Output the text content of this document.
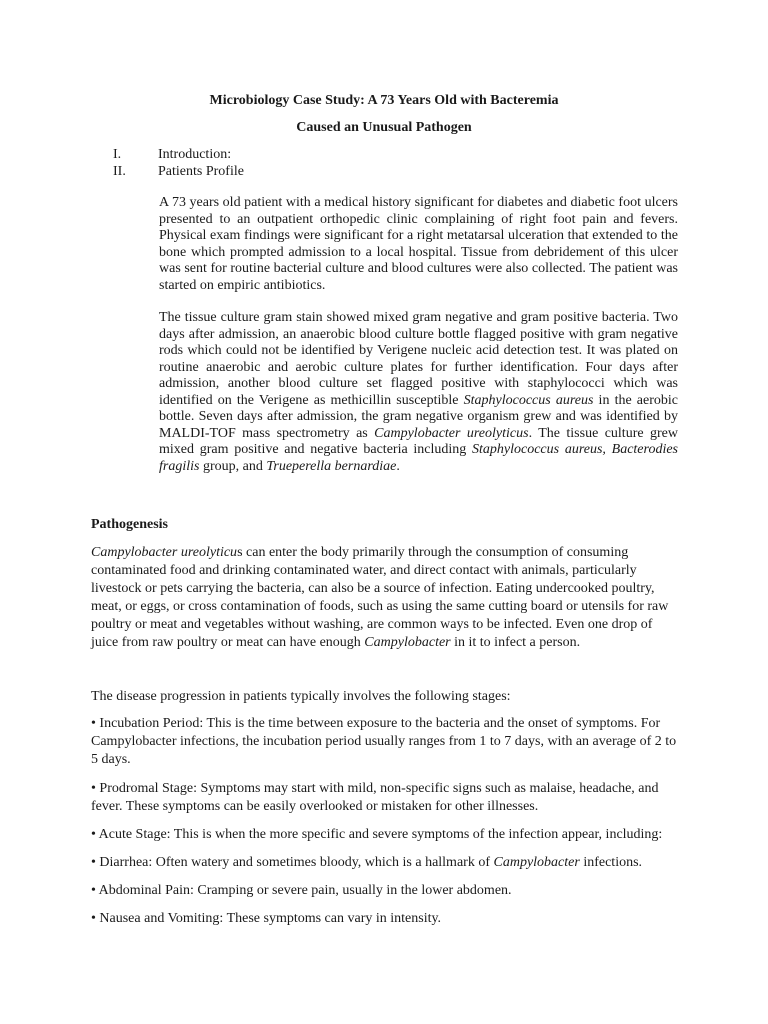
Microbiology Case Study: A 73 Years Old with Bacteremia
Caused an Unusual Pathogen
I.	Introduction:
II.	Patients Profile
A 73 years old patient with a medical history significant for diabetes and diabetic foot ulcers presented to an outpatient orthopedic clinic complaining of right foot pain and fevers. Physical exam findings were significant for a right metatarsal ulceration that extended to the bone which prompted admission to a local hospital. Tissue from debridement of this ulcer was sent for routine bacterial culture and blood cultures were also collected. The patient was started on empiric antibiotics.
The tissue culture gram stain showed mixed gram negative and gram positive bacteria. Two days after admission, an anaerobic blood culture bottle flagged positive with gram negative rods which could not be identified by Verigene nucleic acid detection test. It was plated on routine anaerobic and aerobic culture plates for further identification. Four days after admission, another blood culture set flagged positive with staphylococci which was identified on the Verigene as methicillin susceptible Staphylococcus aureus in the aerobic bottle. Seven days after admission, the gram negative organism grew and was identified by MALDI-TOF mass spectrometry as Campylobacter ureolyticus. The tissue culture grew mixed gram positive and negative bacteria including Staphylococcus aureus, Bacterodies fragilis group, and Trueperella bernardiae.
Pathogenesis
Campylobacter ureolyticus can enter the body primarily through the consumption of consuming contaminated food and drinking contaminated water, and direct contact with animals, particularly livestock or pets carrying the bacteria, can also be a source of infection. Eating undercooked poultry, meat, or eggs, or cross contamination of foods, such as using the same cutting board or utensils for raw poultry or meat and vegetables without washing, are common ways to be infected. Even one drop of juice from raw poultry or meat can have enough Campylobacter in it to infect a person.
The disease progression in patients typically involves the following stages:
• Incubation Period: This is the time between exposure to the bacteria and the onset of symptoms. For Campylobacter infections, the incubation period usually ranges from 1 to 7 days, with an average of 2 to 5 days.
• Prodromal Stage: Symptoms may start with mild, non-specific signs such as malaise, headache, and fever. These symptoms can be easily overlooked or mistaken for other illnesses.
• Acute Stage: This is when the more specific and severe symptoms of the infection appear, including:
• Diarrhea: Often watery and sometimes bloody, which is a hallmark of Campylobacter infections.
• Abdominal Pain: Cramping or severe pain, usually in the lower abdomen.
• Nausea and Vomiting: These symptoms can vary in intensity.
